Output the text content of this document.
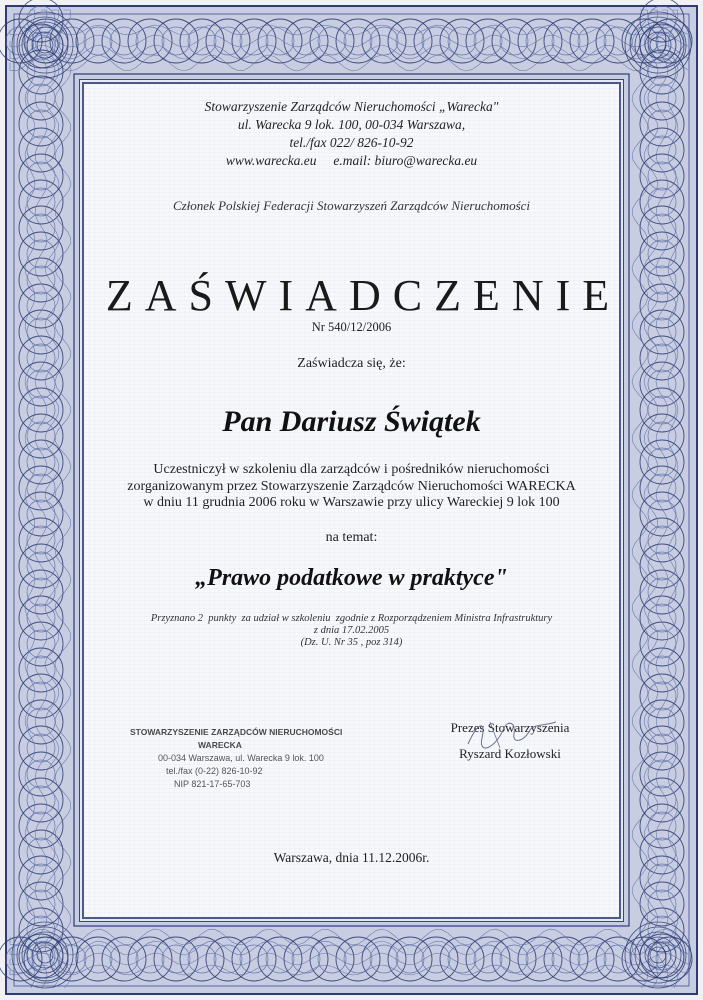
Stowarzyszenie Zarządców Nieruchomości „Warecka"
ul. Warecka 9 lok. 100, 00-034 Warszawa,
tel./fax 022/ 826-10-92
www.warecka.eu     e.mail: biuro@warecka.eu
Członek Polskiej Federacji Stowarzyszeń Zarządców Nieruchomości
ZAŚWIADCZENIE
Nr 540/12/2006
Zaświadcza się, że:
Pan Dariusz Świątek
Uczestniczył w szkoleniu dla zarządców i pośredników nieruchomości
zorganizowanym przez Stowarzyszenie Zarządców Nieruchomości WARECKA
w dniu 11 grudnia 2006 roku w Warszawie przy ulicy Wareckiej 9 lok 100
na temat:
„Prawo podatkowe w praktyce"
Przyznano 2  punkty  za udział w szkoleniu  zgodnie z Rozporządzeniem Ministra Infrastruktury
z dnia 17.02.2005
(Dz. U. Nr 35 , poz 314)
STOWARZYSZENIE ZARZĄDCÓW NIERUCHOMOŚCI
WARECKA
00-034 Warszawa, ul. Warecka 9 lok. 100
tel./fax (0-22) 826-10-92
NIP 821-17-65-703
Prezes Stowarzyszenia
Ryszard Kozłowski
Warszawa, dnia 11.12.2006r.
